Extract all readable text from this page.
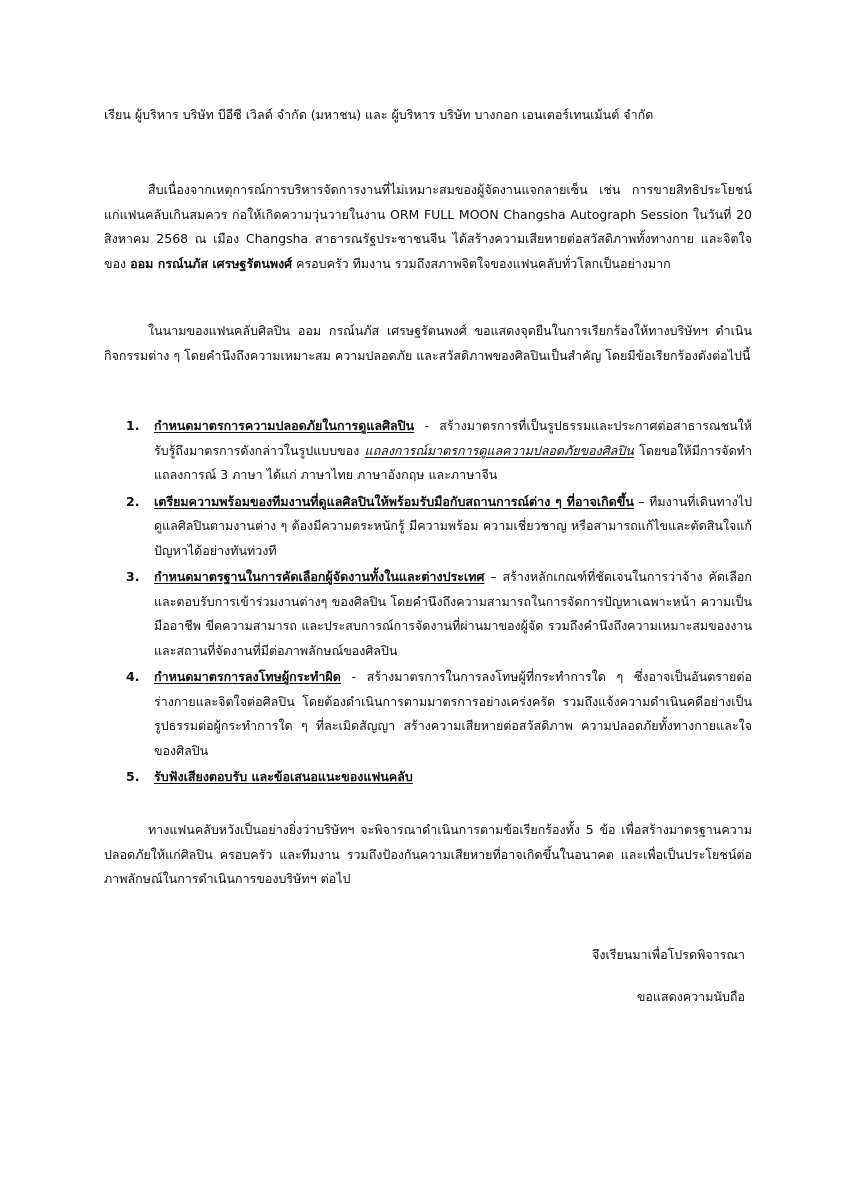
เรียน ผู้บริหาร บริษัท บีอีซี เวิลด์ จำกัด (มหาชน) และ ผู้บริหาร บริษัท บางกอก เอนเตอร์เทนเม้นต์ จำกัด
สืบเนื่องจากเหตุการณ์การบริหารจัดการงานที่ไม่เหมาะสมของผู้จัดงานแจกลายเซ็น เช่น การขายสิทธิประโยชน์แก่แฟนคลับเกินสมควร ก่อให้เกิดความวุ่นวายในงาน ORM FULL MOON Changsha Autograph Session ในวันที่ 20 สิงหาคม 2568 ณ เมือง Changsha สาธารณรัฐประชาชนจีน ได้สร้างความเสียหายต่อสวัสดิภาพทั้งทางกาย และจิตใจของ ออม กรณ์นภัส เศรษฐรัตนพงศ์ ครอบครัว ทีมงาน รวมถึงสภาพจิตใจของแฟนคลับทั่วโลกเป็นอย่างมาก
ในนามของแฟนคลับศิลปิน ออม กรณ์นภัส เศรษฐรัตนพงศ์ ขอแสดงจุดยืนในการเรียกร้องให้ทางบริษัทฯ ดำเนินกิจกรรมต่าง ๆ โดยคำนึงถึงความเหมาะสม ความปลอดภัย และสวัสดิภาพของศิลปินเป็นสำคัญ โดยมีข้อเรียกร้องดังต่อไปนี้
1. กำหนดมาตรการความปลอดภัยในการดูแลศิลปิน - สร้างมาตรการที่เป็นรูปธรรมและประกาศต่อสาธารณชนให้รับรู้ถึงมาตรการดังกล่าวในรูปแบบของ แถลงการณ์มาตรการดูแลความปลอดภัยของศิลปิน โดยขอให้มีการจัดทำแถลงการณ์ 3 ภาษา ได้แก่ ภาษาไทย ภาษาอังกฤษ และภาษาจีน
2. เตรียมความพร้อมของทีมงานที่ดูแลศิลปินให้พร้อมรับมือกับสถานการณ์ต่าง ๆ ที่อาจเกิดขึ้น – ทีมงานที่เดินทางไปดูแลศิลปินตามงานต่าง ๆ ต้องมีความตระหนักรู้ มีความพร้อม ความเชี่ยวชาญ หรือสามารถแก้ไขและตัดสินใจแก้ปัญหาได้อย่างทันท่วงที
3. กำหนดมาตรฐานในการคัดเลือกผู้จัดงานทั้งในและต่างประเทศ – สร้างหลักเกณฑ์ที่ชัดเจนในการว่าจ้าง คัดเลือก และตอบรับการเข้าร่วมงานต่างๆ ของศิลปิน โดยคำนึงถึงความสามารถในการจัดการปัญหาเฉพาะหน้า ความเป็นมืออาชีพ ขีดความสามารถ และประสบการณ์การจัดงานที่ผ่านมาของผู้จัด รวมถึงคำนึงถึงความเหมาะสมของงาน และสถานที่จัดงานที่มีต่อภาพลักษณ์ของศิลปิน
4. กำหนดมาตรการลงโทษผู้กระทำผิด - สร้างมาตรการในการลงโทษผู้ที่กระทำการใด ๆ ซึ่งอาจเป็นอันตรายต่อร่างกายและจิตใจต่อศิลปิน โดยต้องดำเนินการตามมาตรการอย่างเคร่งครัด รวมถึงแจ้งความดำเนินคดีอย่างเป็นรูปธรรมต่อผู้กระทำการใด ๆ ที่ละเมิดสัญญา สร้างความเสียหายต่อสวัสดิภาพ ความปลอดภัยทั้งทางกายและใจของศิลปิน
5. รับฟังเสียงตอบรับ และข้อเสนอแนะของแฟนคลับ
ทางแฟนคลับหวังเป็นอย่างยิ่งว่าบริษัทฯ จะพิจารณาดำเนินการตามข้อเรียกร้องทั้ง 5 ข้อ เพื่อสร้างมาตรฐานความปลอดภัยให้แก่ศิลปิน ครอบครัว และทีมงาน รวมถึงป้องกันความเสียหายที่อาจเกิดขึ้นในอนาคต และเพื่อเป็นประโยชน์ต่อภาพลักษณ์ในการดำเนินการของบริษัทฯ ต่อไป
จึงเรียนมาเพื่อโปรดพิจารณา
ขอแสดงความนับถือ
